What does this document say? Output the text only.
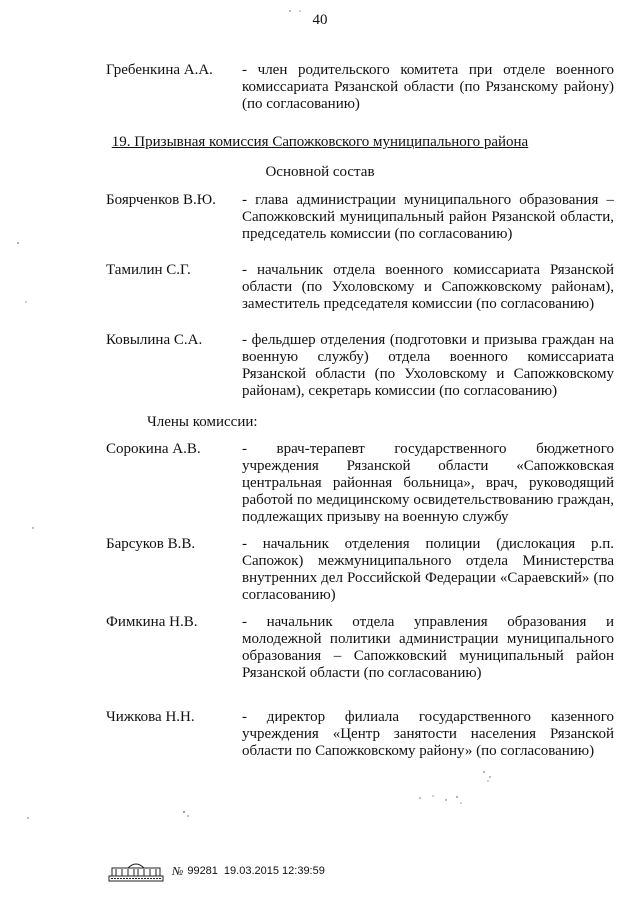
40
Гребенкина А.А. - член родительского комитета при отделе военного комиссариата Рязанской области (по Рязанскому району) (по согласованию)
19. Призывная комиссия Сапожковского муниципального района
Основной состав
Боярченков В.Ю. - глава администрации муниципального образования – Сапожковский муниципальный район Рязанской области, председатель комиссии (по согласованию)
Тамилин С.Г.	- начальник отдела военного комиссариата Рязанской области (по Ухоловскому и Сапожковскому районам), заместитель председателя комиссии (по согласованию)
Ковылина С.А.	- фельдшер отделения (подготовки и призыва граждан на военную службу) отдела военного комиссариата Рязанской области (по Ухоловскому и Сапожковскому районам), секретарь комиссии (по согласованию)
Члены комиссии:
Сорокина А.В.	- врач-терапевт государственного бюджетного учреждения Рязанской области «Сапожковская центральная районная больница», врач, руководящий работой по медицинскому освидетельствованию граждан, подлежащих призыву на военную службу
Барсуков В.В.	- начальник отделения полиции (дислокация р.п. Сапожок) межмуниципального отдела Министерства внутренних дел Российской Федерации «Сараевский» (по согласованию)
Фимкина Н.В.	- начальник отдела управления образования и молодежной политики администрации муниципального образования – Сапожковский муниципальный район Рязанской области (по согласованию)
Чижкова Н.Н.	- директор филиала государственного казенного учреждения «Центр занятости населения Рязанской области по Сапожковскому району» (по согласованию)
№ 99281 19.03.2015 12:39:59
